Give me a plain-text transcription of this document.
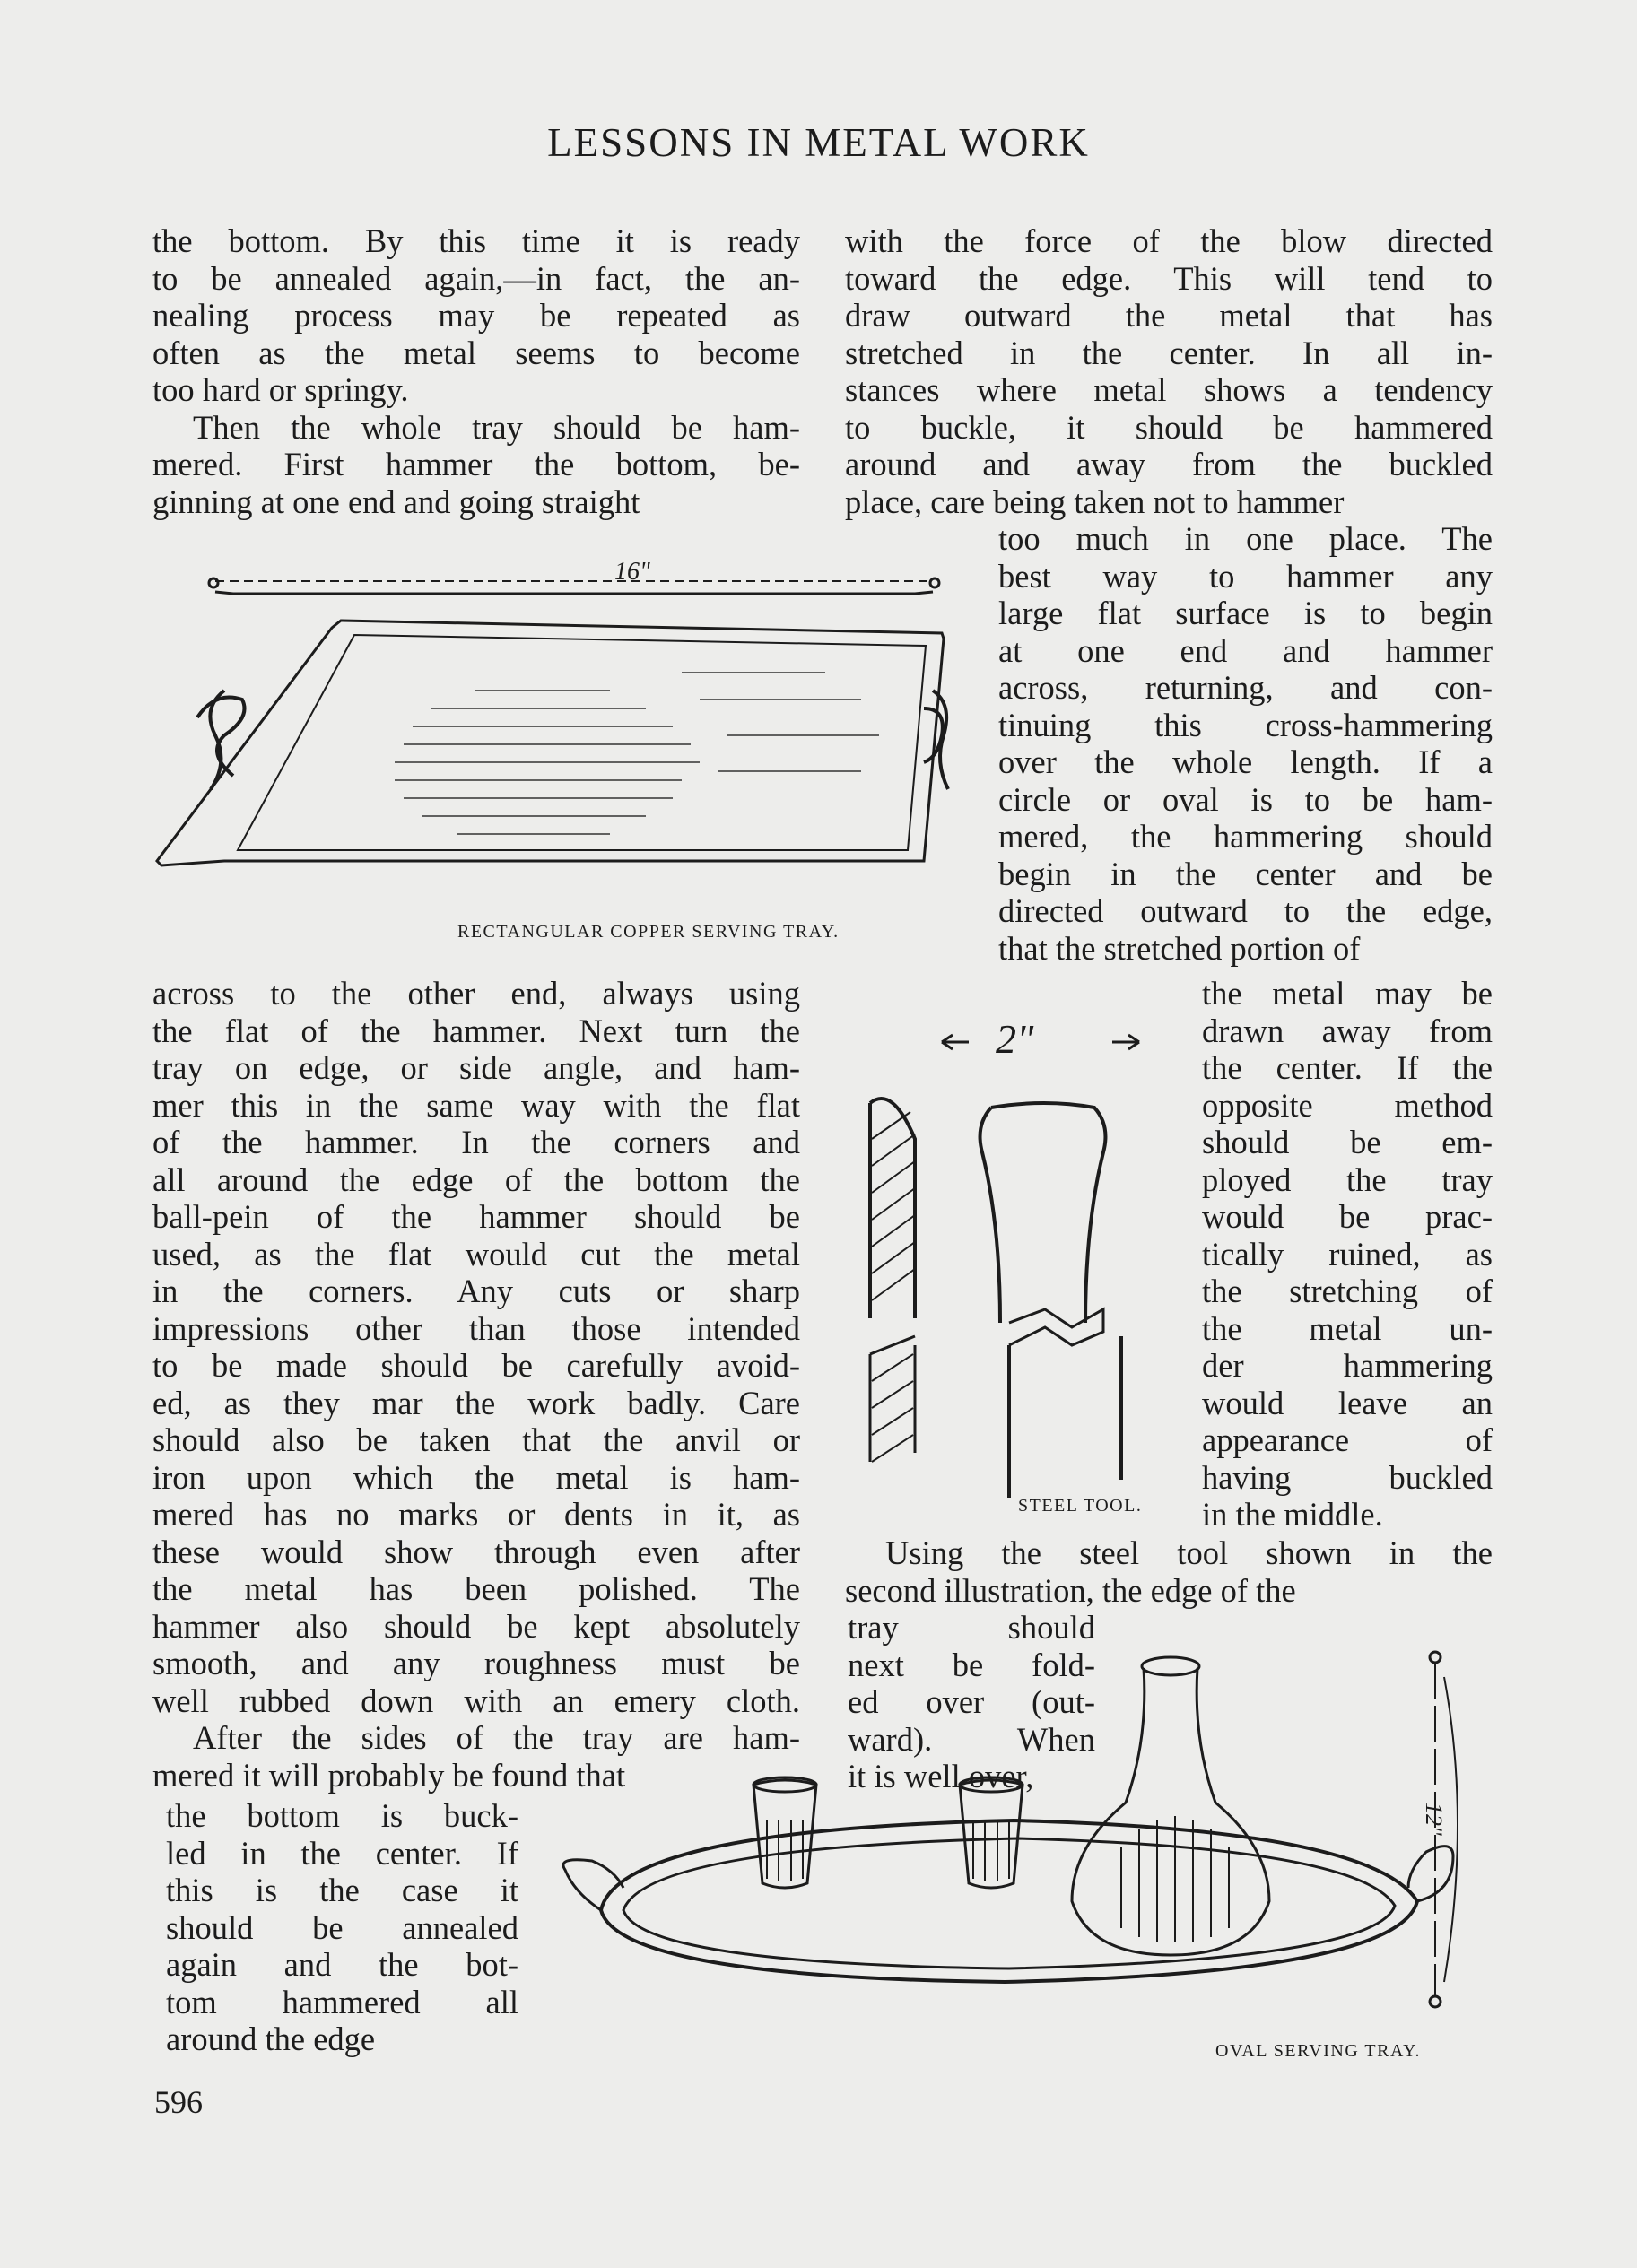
LESSONS IN METAL WORK
the bottom. By this time it is ready
to be annealed again,—in fact, the an-
nealing process may be repeated as
often as the metal seems to become
too hard or springy.
Then the whole tray should be ham-
mered. First hammer the bottom, be-
ginning at one end and going straight
with the force of the blow directed
toward the edge. This will tend to
draw outward the metal that has
stretched in the center. In all in-
stances where metal shows a tendency
to buckle, it should be hammered
around and away from the buckled
place, care being taken not to hammer
too much in one place. The
best way to hammer any
large flat surface is to begin
at one end and hammer
across, returning, and con-
tinuing this cross-hammering
over the whole length. If a
circle or oval is to be ham-
mered, the hammering should
begin in the center and be
directed outward to the edge,
that the stretched portion of
the metal may be
drawn away from
the center. If the
opposite method
should be em-
ployed the tray
would be prac-
tically ruined, as
the stretching of
the metal un-
der hammering
would leave an
appearance of
having buckled
in the middle.
across to the other end, always using
the flat of the hammer. Next turn the
tray on edge, or side angle, and ham-
mer this in the same way with the flat
of the hammer. In the corners and
all around the edge of the bottom the
ball-pein of the hammer should be
used, as the flat would cut the metal
in the corners. Any cuts or sharp
impressions other than those intended
to be made should be carefully avoid-
ed, as they mar the work badly. Care
should also be taken that the anvil or
iron upon which the metal is ham-
mered has no marks or dents in it, as
these would show through even after
the metal has been polished. The
hammer also should be kept absolutely
smooth, and any roughness must be
well rubbed down with an emery cloth.
After the sides of the tray are ham-
mered it will probably be found that
the bottom is buck-
led in the center. If
this is the case it
should be annealed
again and the bot-
tom hammered all
around the edge
Using the steel tool shown in the
second illustration, the edge of the
tray should
next be fold-
ed over (out-
ward). When
it is well over,
16"
RECTANGULAR COPPER SERVING TRAY.
2"
STEEL TOOL.
12"
OVAL SERVING TRAY.
596
